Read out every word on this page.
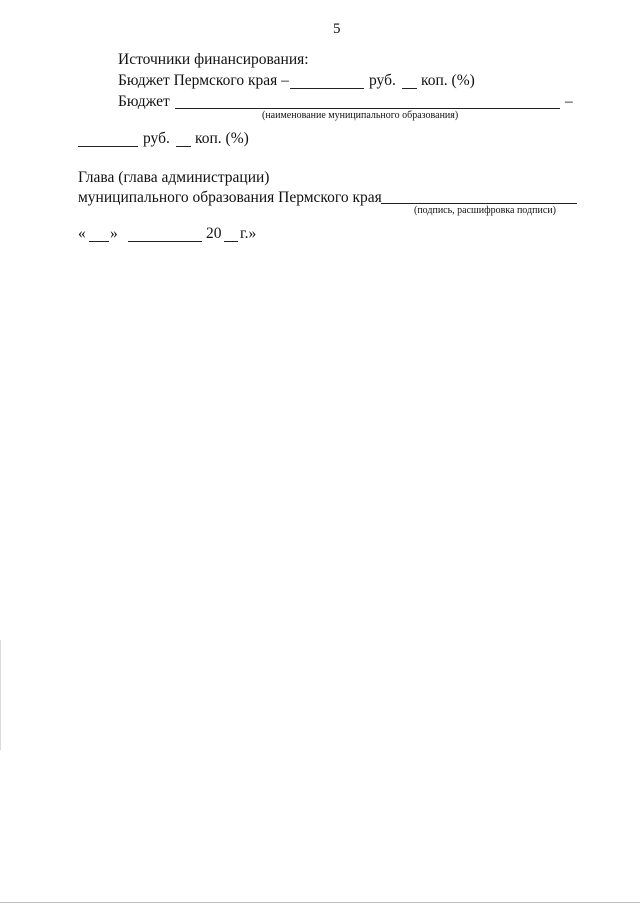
5
Источники финансирования:
Бюджет Пермского края –	руб. коп. (%)
Бюджет	–
(наименование муниципального образования)
руб. коп. (%)
Глава (глава администрации)
муниципального образования Пермского края
(подпись, расшифровка подписи)
« »	20 г.»
